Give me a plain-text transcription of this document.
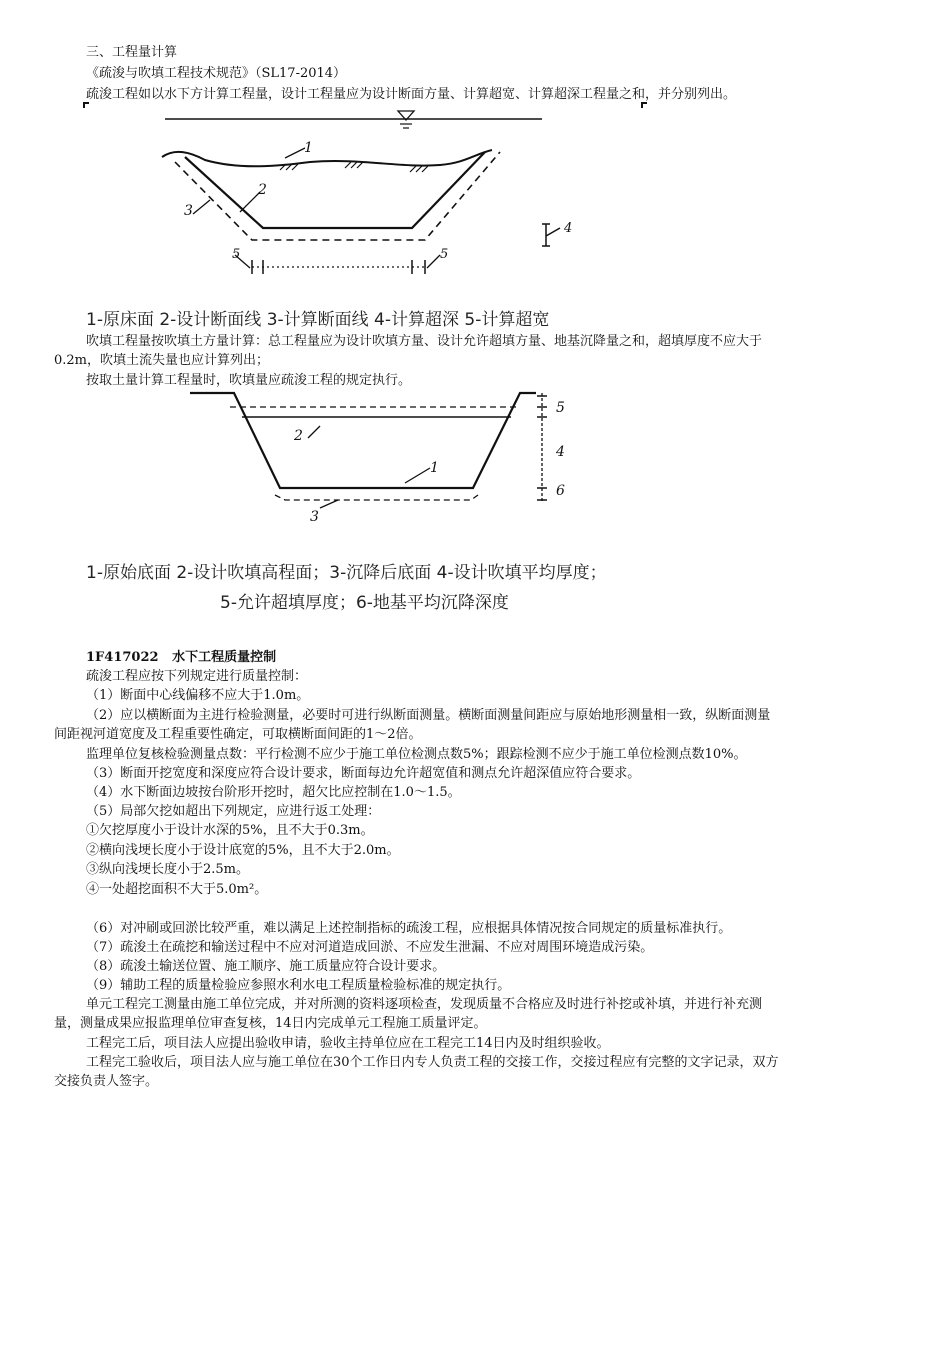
三、工程量计算
《疏浚与吹填工程技术规范》（SL17-2014）
疏浚工程如以水下方计算工程量，设计工程量应为设计断面方量、计算超宽、计算超深工程量之和，并分别列出。
1
2
3
4
5	5
1-原床面 2-设计断面线 3-计算断面线 4-计算超深 5-计算超宽
吹填工程量按吹填土方量计算：总工程量应为设计吹填方量、设计允许超填方量、地基沉降量之和，超填厚度不应大于
0.2m，吹填土流失量也应计算列出；
按取土量计算工程量时，吹填量应疏浚工程的规定执行。
2
1
3
5
4
6
1-原始底面 2-设计吹填高程面；3-沉降后底面 4-设计吹填平均厚度；
5-允许超填厚度；6-地基平均沉降深度
1F417022 水下工程质量控制
疏浚工程应按下列规定进行质量控制：
（1）断面中心线偏移不应大于1.0m。
（2）应以横断面为主进行检验测量，必要时可进行纵断面测量。横断面测量间距应与原始地形测量相一致，纵断面测量
间距视河道宽度及工程重要性确定，可取横断面间距的1～2倍。
监理单位复核检验测量点数：平行检测不应少于施工单位检测点数5%；跟踪检测不应少于施工单位检测点数10%。
（3）断面开挖宽度和深度应符合设计要求，断面每边允许超宽值和测点允许超深值应符合要求。
（4）水下断面边坡按台阶形开挖时，超欠比应控制在1.0～1.5。
（5）局部欠挖如超出下列规定，应进行返工处理：
①欠挖厚度小于设计水深的5%，且不大于0.3m。
②横向浅埂长度小于设计底宽的5%，且不大于2.0m。
③纵向浅埂长度小于2.5m。
④一处超挖面积不大于5.0m²。
（6）对冲刷或回淤比较严重，难以满足上述控制指标的疏浚工程，应根据具体情况按合同规定的质量标准执行。
（7）疏浚土在疏挖和输送过程中不应对河道造成回淤、不应发生泄漏、不应对周围环境造成污染。
（8）疏浚土输送位置、施工顺序、施工质量应符合设计要求。
（9）辅助工程的质量检验应参照水利水电工程质量检验标准的规定执行。
单元工程完工测量由施工单位完成，并对所测的资料逐项检查，发现质量不合格应及时进行补挖或补填，并进行补充测
量，测量成果应报监理单位审查复核，14日内完成单元工程施工质量评定。
工程完工后，项目法人应提出验收申请，验收主持单位应在工程完工14日内及时组织验收。
工程完工验收后，项目法人应与施工单位在30个工作日内专人负责工程的交接工作，交接过程应有完整的文字记录，双方
交接负责人签字。
